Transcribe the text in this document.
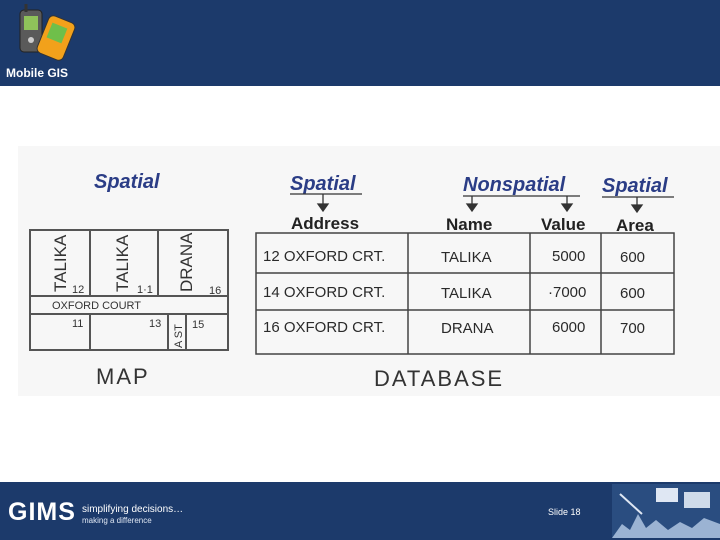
Mobile GIS
Spatial	Spatial	Nonspatial Spatial
Address	Name	Value Area
TALIKA	TALIKA	DRANA
12	1·1	16
OXFORD COURT
11	13	15
A ST
MAP
12 OXFORD CRT.	TALIKA	5000 600
14 OXFORD CRT.	TALIKA	·7000 600
16 OXFORD CRT.	DRANA	6000 700
DATABASE
GIMS simplifying decisions…
making a difference
Slide 18
